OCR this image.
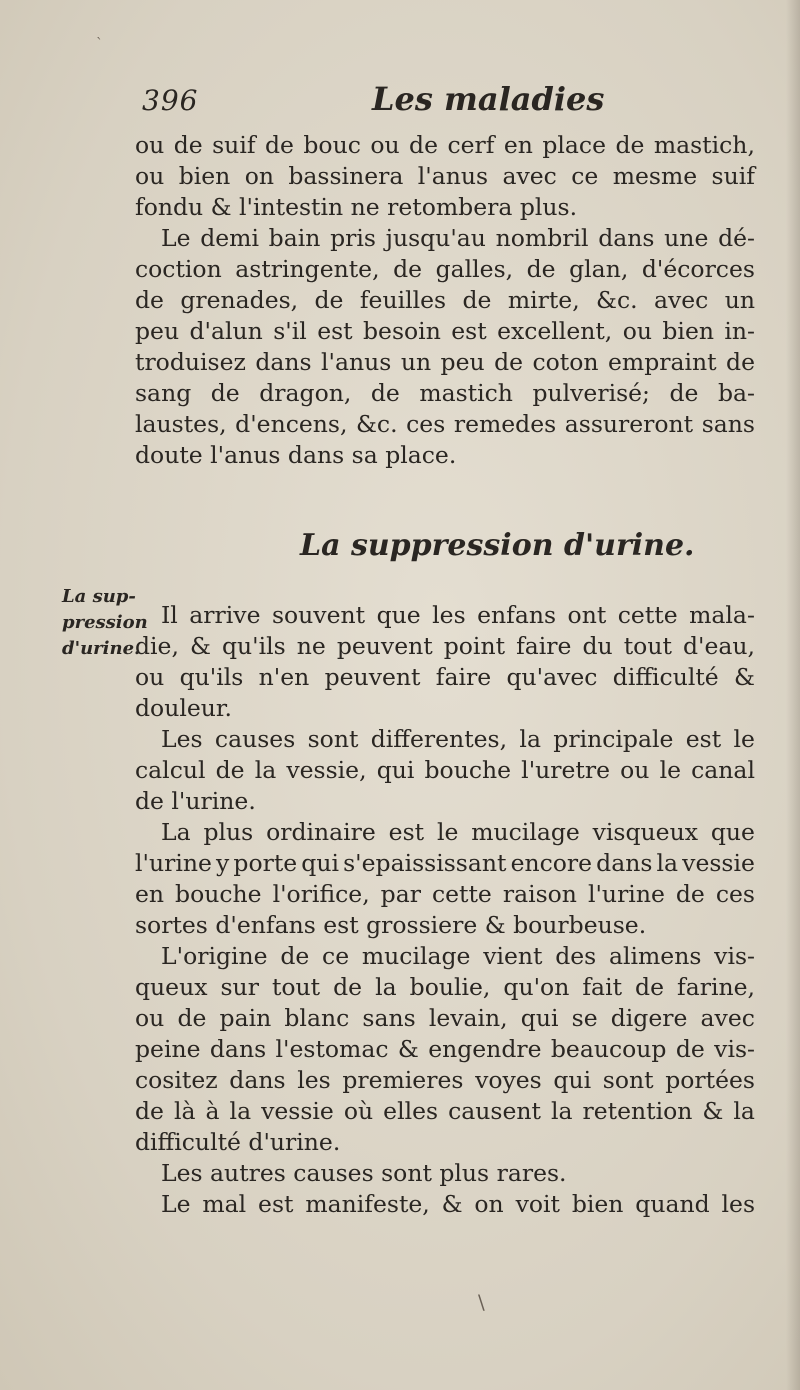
396	Les maladies
ou de suif de bouc ou de cerf en place de mastich,
ou bien on bassinera l'anus avec ce mesme suif
fondu & l'intestin ne retombera plus.
Le demi bain pris jusqu'au nombril dans une dé-
coction astringente, de galles, de glan, d'écorces
de grenades, de feuilles de mirte, &c. avec un
peu d'alun s'il est besoin est excellent, ou bien in-
troduisez dans l'anus un peu de coton empraint de
sang de dragon, de mastich pulverisé; de ba-
laustes, d'encens, &c. ces remedes assureront sans
doute l'anus dans sa place.
La suppression d'urine.
La sup-
pression
d'urine.
Il arrive souvent que les enfans ont cette mala-
die, & qu'ils ne peuvent point faire du tout d'eau,
ou qu'ils n'en peuvent faire qu'avec difficulté &
douleur.
Les causes sont differentes, la principale est le
calcul de la vessie, qui bouche l'uretre ou le canal
de l'urine.
La plus ordinaire est le mucilage visqueux que
l'urine y porte qui s'epaississant encore dans la vessie
en bouche l'orifice, par cette raison l'urine de ces
sortes d'enfans est grossiere & bourbeuse.
L'origine de ce mucilage vient des alimens vis-
queux sur tout de la boulie, qu'on fait de farine,
ou de pain blanc sans levain, qui se digere avec
peine dans l'estomac & engendre beaucoup de vis-
cositez dans les premieres voyes qui sont portées
de là à la vessie où elles causent la retention & la
difficulté d'urine.
Les autres causes sont plus rares.
Le mal est manifeste, & on voit bien quand les
`
\
